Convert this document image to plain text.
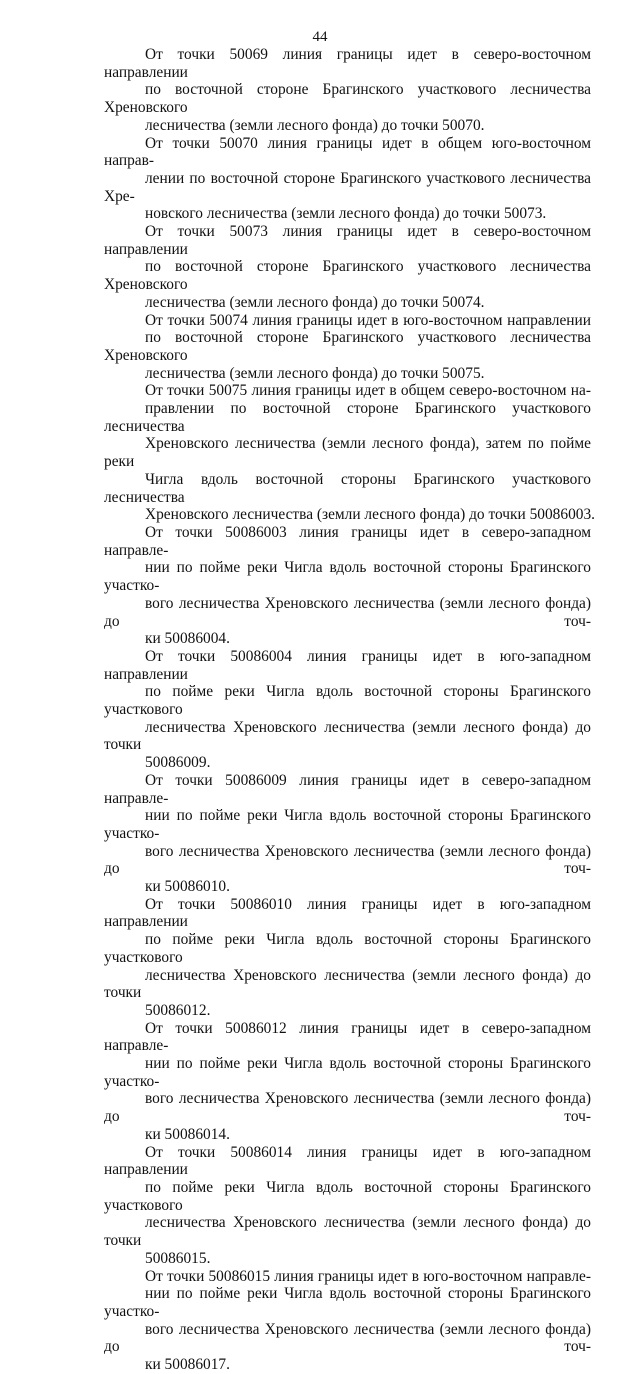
44

От точки 50069 линия границы идет в северо-восточном направлении
по восточной стороне Брагинского участкового лесничества Хреновского
лесничества (земли лесного фонда) до точки 50070.

От точки 50070 линия границы идет в общем юго-восточном направ-
лении по восточной стороне Брагинского участкового лесничества Хре-
новского лесничества (земли лесного фонда) до точки 50073.

От точки 50073 линия границы идет в северо-восточном направлении
по восточной стороне Брагинского участкового лесничества Хреновского
лесничества (земли лесного фонда) до точки 50074.

От точки 50074 линия границы идет в юго-восточном направлении
по восточной стороне Брагинского участкового лесничества Хреновского
лесничества (земли лесного фонда) до точки 50075.

От точки 50075 линия границы идет в общем северо-восточном на-
правлении по восточной стороне Брагинского участкового лесничества
Хреновского лесничества (земли лесного фонда), затем по пойме реки
Чигла вдоль восточной стороны Брагинского участкового лесничества
Хреновского лесничества (земли лесного фонда) до точки 50086003.

От точки 50086003 линия границы идет в северо-западном направле-
нии по пойме реки Чигла вдоль восточной стороны Брагинского участко-
вого лесничества Хреновского лесничества (земли лесного фонда) до точ-
ки 50086004.

От точки 50086004 линия границы идет в юго-западном направлении
по пойме реки Чигла вдоль восточной стороны Брагинского участкового
лесничества Хреновского лесничества (земли лесного фонда) до точки
50086009.

От точки 50086009 линия границы идет в северо-западном направле-
нии по пойме реки Чигла вдоль восточной стороны Брагинского участко-
вого лесничества Хреновского лесничества (земли лесного фонда) до точ-
ки 50086010.

От точки 50086010 линия границы идет в юго-западном направлении
по пойме реки Чигла вдоль восточной стороны Брагинского участкового
лесничества Хреновского лесничества (земли лесного фонда) до точки
50086012.

От точки 50086012 линия границы идет в северо-западном направле-
нии по пойме реки Чигла вдоль восточной стороны Брагинского участко-
вого лесничества Хреновского лесничества (земли лесного фонда) до точ-
ки 50086014.

От точки 50086014 линия границы идет в юго-западном направлении
по пойме реки Чигла вдоль восточной стороны Брагинского участкового
лесничества Хреновского лесничества (земли лесного фонда) до точки
50086015.

От точки 50086015 линия границы идет в юго-восточном направле-
нии по пойме реки Чигла вдоль восточной стороны Брагинского участко-
вого лесничества Хреновского лесничества (земли лесного фонда) до точ-
ки 50086017.
